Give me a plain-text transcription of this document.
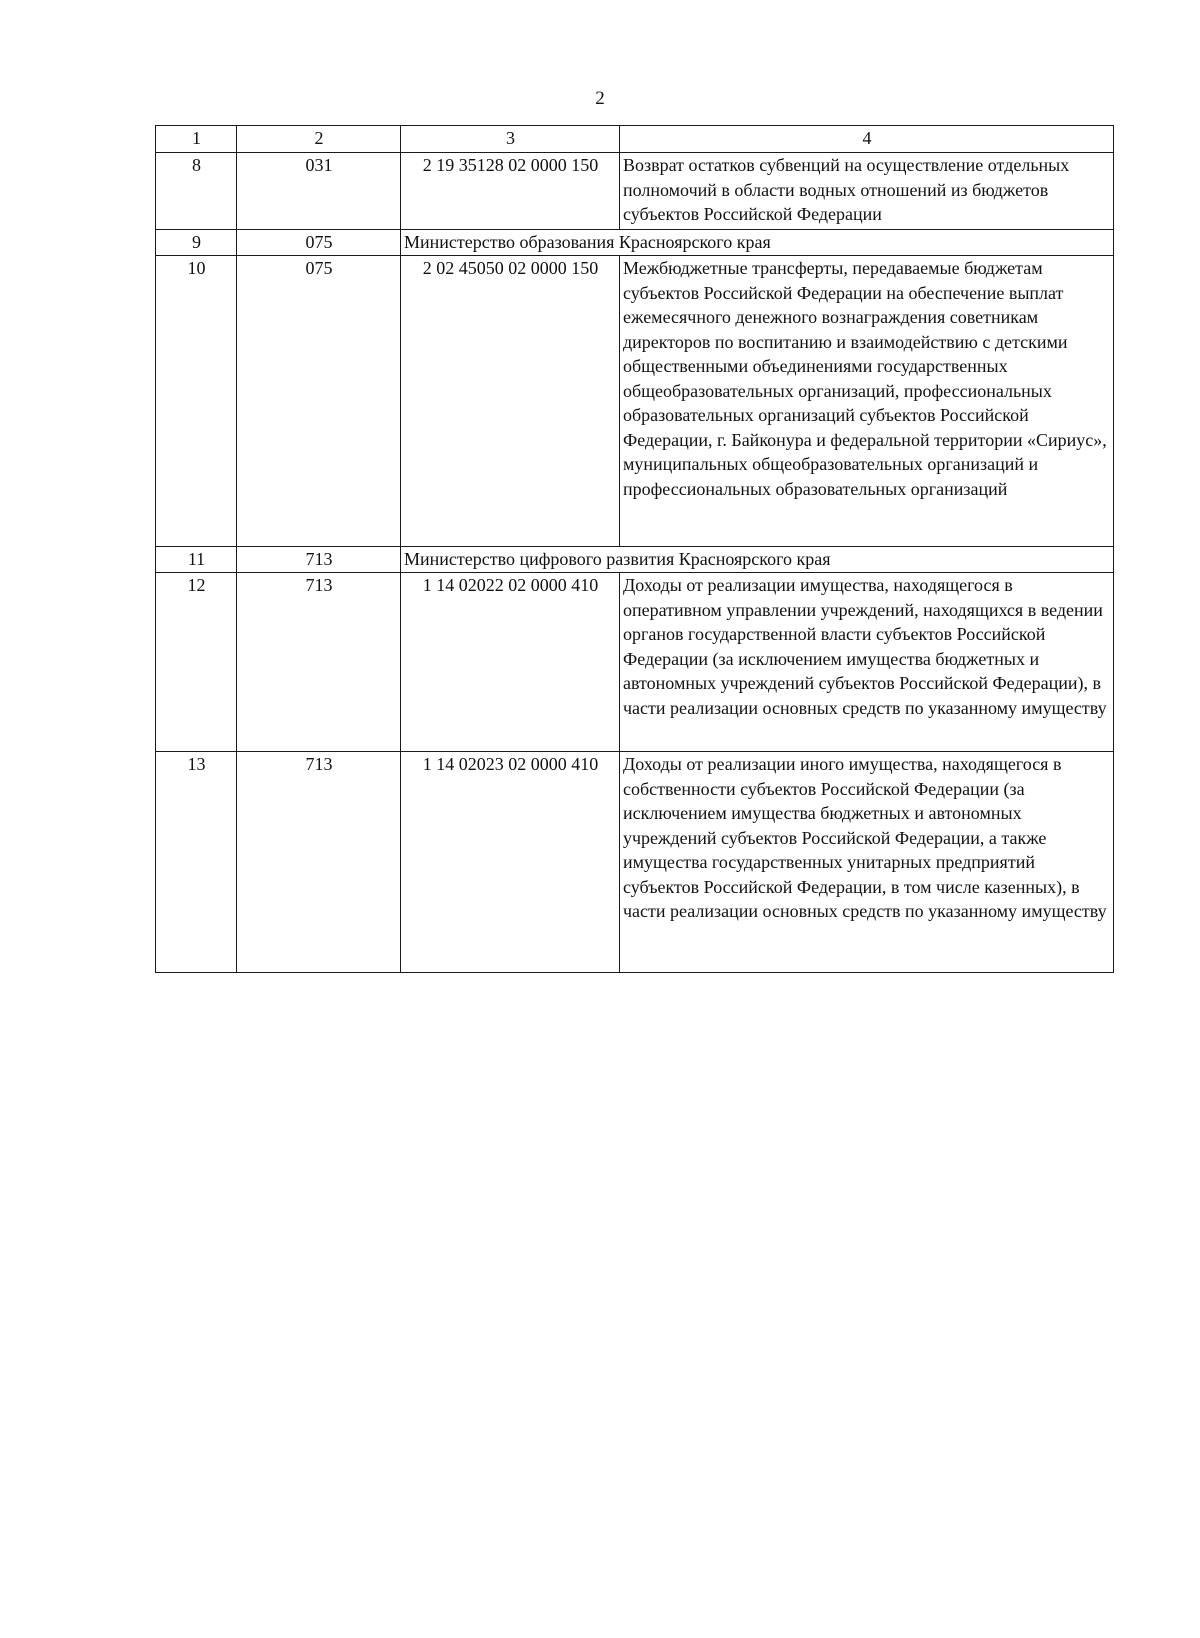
2
1	2	3	4
8	031	2 19 35128 02 0000 150	Возврат остатков субвенций на осуществление отдельных полномочий в области водных отношений из бюджетов субъектов Российской Федерации
9	075	Министерство образования Красноярского края	
10	075	2 02 45050 02 0000 150	Межбюджетные трансферты, передаваемые бюджетам субъектов Российской Федерации на обеспечение выплат ежемесячного денежного вознаграждения советникам директоров по воспитанию и взаимодействию с детскими общественными объединениями государственных общеобразовательных организаций, профессиональных образовательных организаций субъектов Российской Федерации, г. Байконура и федеральной территории «Сириус», муниципальных общеобразовательных организаций и профессиональных образовательных организаций
11	713	Министерство цифрового развития Красноярского края	
12	713	1 14 02022 02 0000 410	Доходы от реализации имущества, находящегося в оперативном управлении учреждений, находящихся в ведении органов государственной власти субъектов Российской Федерации (за исключением имущества бюджетных и автономных учреждений субъектов Российской Федерации), в части реализации основных средств по указанному имуществу
13	713	1 14 02023 02 0000 410	Доходы от реализации иного имущества, находящегося в собственности субъектов Российской Федерации (за исключением имущества бюджетных и автономных учреждений субъектов Российской Федерации, а также имущества государственных унитарных предприятий субъектов Российской Федерации, в том числе казенных), в части реализации основных средств по указанному имуществу
